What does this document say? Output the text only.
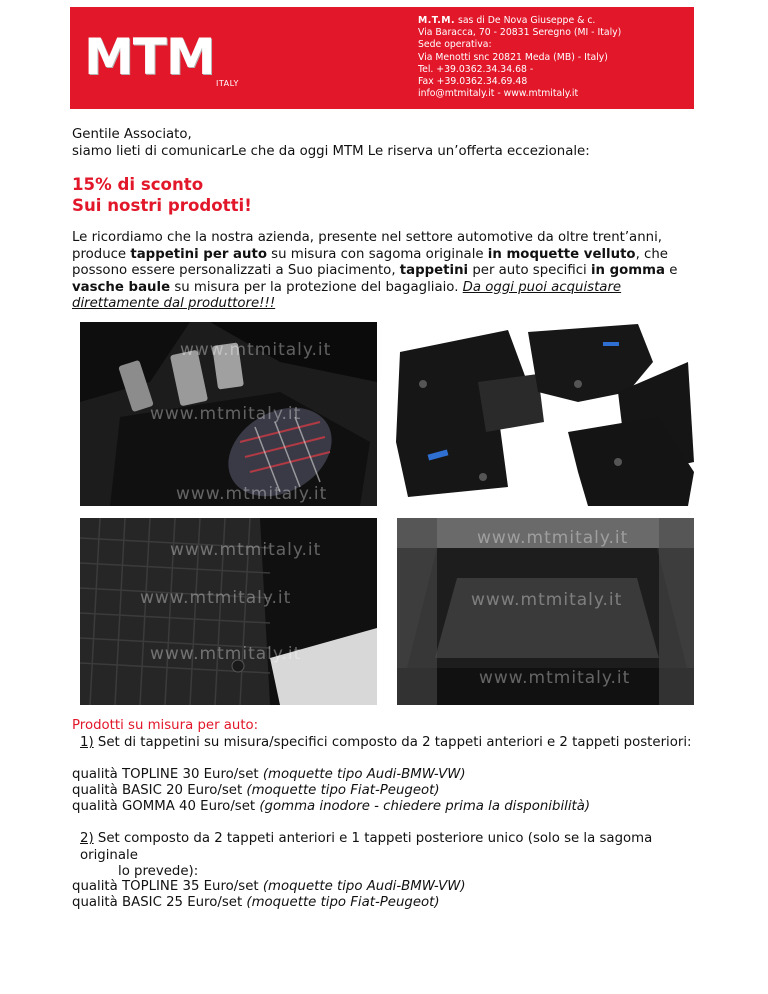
MTM ITALY
M.T.M. sas di De Nova Giuseppe & c.
Via Baracca, 70 - 20831 Seregno (MI - Italy)
Sede operativa:
Via Menotti snc 20821 Meda (MB) - Italy)
Tel. +39.0362.34.34.68 -
Fax +39.0362.34.69.48
info@mtmitaly.it - www.mtmitaly.it
Gentile Associato,
siamo lieti di comunicarLe che da oggi MTM Le riserva un’offerta eccezionale:
15% di sconto
Sui nostri prodotti!
Le ricordiamo che la nostra azienda, presente nel settore automotive da oltre trent’anni, produce tappetini per auto su misura con sagoma originale in moquette velluto, che possono essere personalizzati a Suo piacimento, tappetini per auto specifici in gomma e vasche baule su misura per la protezione del bagagliaio. Da oggi puoi acquistare direttamente dal produttore!!!
www.mtmitaly.it
www.mtmitaly.it
www.mtmitaly.it
www.mtmitaly.it
www.mtmitaly.it
www.mtmitaly.it
www.mtmitaly.it
www.mtmitaly.it
www.mtmitaly.it
Prodotti su misura per auto:
1) Set di tappetini su misura/specifici composto da 2 tappeti anteriori e 2 tappeti posteriori:
qualità TOPLINE 30 Euro/set (moquette tipo Audi-BMW-VW)
qualità BASIC 20 Euro/set (moquette tipo Fiat-Peugeot)
qualità GOMMA 40 Euro/set (gomma inodore - chiedere prima la disponibilità)
2) Set composto da 2 tappeti anteriori e 1 tappeti posteriore unico (solo se la sagoma originale
lo prevede):
qualità TOPLINE 35 Euro/set (moquette tipo Audi-BMW-VW)
qualità BASIC 25 Euro/set (moquette tipo Fiat-Peugeot)
